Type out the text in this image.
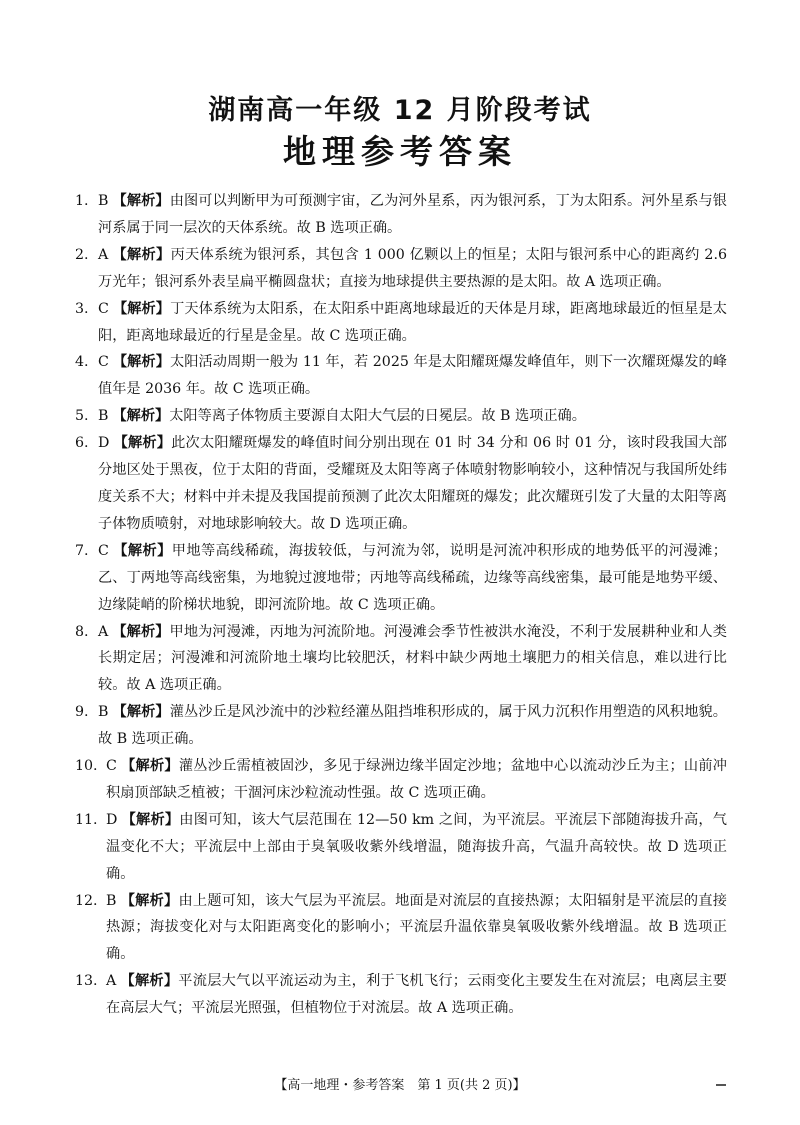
湖南高一年级 12 月阶段考试
地理参考答案
1. B 【解析】由图可以判断甲为可预测宇宙，乙为河外星系，丙为银河系，丁为太阳系。河外星系与银河系属于同一层次的天体系统。故 B 选项正确。
2. A 【解析】丙天体系统为银河系，其包含 1 000 亿颗以上的恒星；太阳与银河系中心的距离约 2.6 万光年；银河系外表呈扁平椭圆盘状；直接为地球提供主要热源的是太阳。故 A 选项正确。
3. C 【解析】丁天体系统为太阳系，在太阳系中距离地球最近的天体是月球，距离地球最近的恒星是太阳，距离地球最近的行星是金星。故 C 选项正确。
4. C 【解析】太阳活动周期一般为 11 年，若 2025 年是太阳耀斑爆发峰值年，则下一次耀斑爆发的峰值年是 2036 年。故 C 选项正确。
5. B 【解析】太阳等离子体物质主要源自太阳大气层的日冕层。故 B 选项正确。
6. D 【解析】此次太阳耀斑爆发的峰值时间分别出现在 01 时 34 分和 06 时 01 分，该时段我国大部分地区处于黑夜，位于太阳的背面，受耀斑及太阳等离子体喷射物影响较小，这种情况与我国所处纬度关系不大；材料中并未提及我国提前预测了此次太阳耀斑的爆发；此次耀斑引发了大量的太阳等离子体物质喷射，对地球影响较大。故 D 选项正确。
7. C 【解析】甲地等高线稀疏，海拔较低，与河流为邻，说明是河流冲积形成的地势低平的河漫滩；乙、丁两地等高线密集，为地貌过渡地带；丙地等高线稀疏，边缘等高线密集，最可能是地势平缓、边缘陡峭的阶梯状地貌，即河流阶地。故 C 选项正确。
8. A 【解析】甲地为河漫滩，丙地为河流阶地。河漫滩会季节性被洪水淹没，不利于发展耕种业和人类长期定居；河漫滩和河流阶地土壤均比较肥沃，材料中缺少两地土壤肥力的相关信息，难以进行比较。故 A 选项正确。
9. B 【解析】灌丛沙丘是风沙流中的沙粒经灌丛阻挡堆积形成的，属于风力沉积作用塑造的风积地貌。故 B 选项正确。
10. C 【解析】灌丛沙丘需植被固沙，多见于绿洲边缘半固定沙地；盆地中心以流动沙丘为主；山前冲积扇顶部缺乏植被；干涸河床沙粒流动性强。故 C 选项正确。
11. D 【解析】由图可知，该大气层范围在 12—50 km 之间，为平流层。平流层下部随海拔升高，气温变化不大；平流层中上部由于臭氧吸收紫外线增温，随海拔升高，气温升高较快。故 D 选项正确。
12. B 【解析】由上题可知，该大气层为平流层。地面是对流层的直接热源；太阳辐射是平流层的直接热源；海拔变化对与太阳距离变化的影响小；平流层升温依靠臭氧吸收紫外线增温。故 B 选项正确。
13. A 【解析】平流层大气以平流运动为主，利于飞机飞行；云雨变化主要发生在对流层；电离层主要在高层大气；平流层光照强，但植物位于对流层。故 A 选项正确。
【高一地理・参考答案　第 1 页(共 2 页)】
